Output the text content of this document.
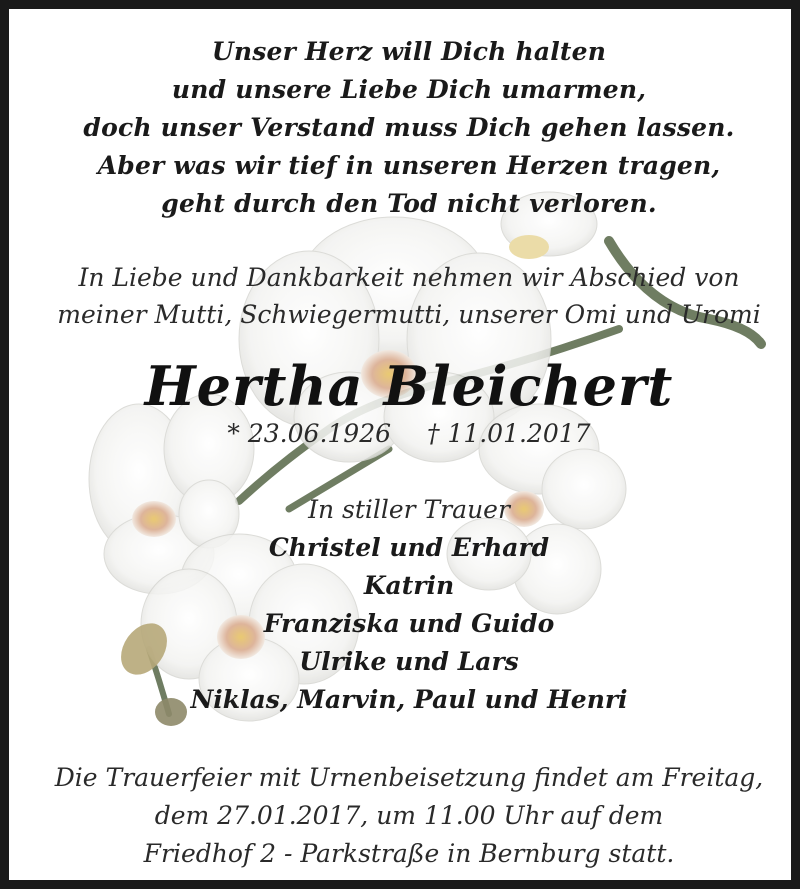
Unser Herz will Dich halten
und unsere Liebe Dich umarmen,
doch unser Verstand muss Dich gehen lassen.
Aber was wir tief in unseren Herzen tragen,
geht durch den Tod nicht verloren.
In Liebe und Dankbarkeit nehmen wir Abschied von
meiner Mutti, Schwiegermutti, unserer Omi und Uromi
Hertha Bleichert
* 23.06.1926 † 11.01.2017
In stiller Trauer
Christel und Erhard
Katrin
Franziska und Guido
Ulrike und Lars
Niklas, Marvin, Paul und Henri
Die Trauerfeier mit Urnenbeisetzung findet am Freitag,
dem 27.01.2017, um 11.00 Uhr auf dem
Friedhof 2 - Parkstraße in Bernburg statt.
